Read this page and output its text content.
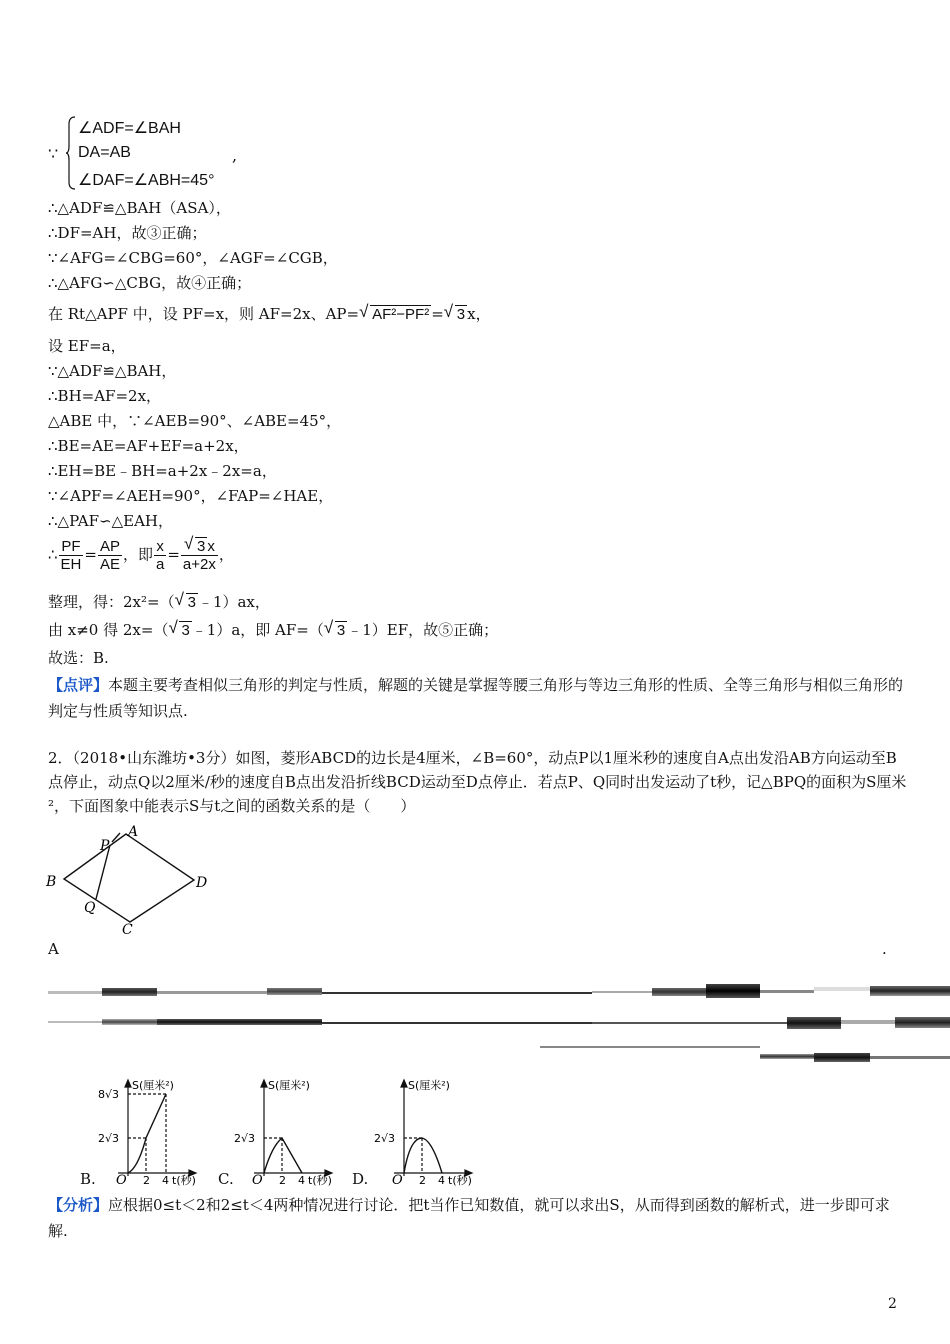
∵
∠ADF=∠BAH
DA=AB
∠DAF=∠ABH=45°
,
∴△ADF≌△BAH（ASA），
∴DF=AH，故③正确；
∵∠AFG=∠CBG=60°，∠AGF=∠CGB，
∴△AFG∽△CBG，故④正确；
在 Rt△APF 中，设 PF=x，则 AF=2x、AP= √ AF²−PF² = √ 3 x，
设 EF=a，
∵△ADF≌△BAH，
∴BH=AF=2x，
△ABE 中，∵∠AEB=90°、∠ABE=45°，
∴BE=AE=AF+EF=a+2x，
∴EH=BE﹣BH=a+2x﹣2x=a，
∵∠APF=∠AEH=90°，∠FAP=∠HAE，
∴△PAF∽△EAH，
∴ $\frac{PF}{EH} = \frac{AP}{AE}$ ，即 $\frac{x}{a}$ = √ $\frac{3 x}{a+2x}$ ，
整理，得：2x²=（ √ 3 ﹣1）ax，
由 x≠0 得 2x=（ √ 3 ﹣1）a，即 AF=（ √ 3 ﹣1）EF，故⑤正确；
故选：B.
【点评】本题主要考查相似三角形的判定与性质，解题的关键是掌握等腰三角形与等边三角形的性质、全等三角形与相似三角形的判定与性质等知识点.
2．（2018•山东潍坊•3分）如图，菱形ABCD的边长是4厘米，∠B=60°，动点P以1厘米秒的速度自A点出发沿AB方向运动至B点停止，动点Q以2厘米/秒的速度自B点出发沿折线BCD运动至D点停止．若点P、Q同时出发运动了t秒，记△BPQ的面积为S厘米²，下面图象中能表示S与t之间的函数关系的是（　　）
A
B
C
D
P
Q
A	.
S(厘米²)
8√3
2√3
2 4
O	t(秒)
B.
S(厘米²)
2√3
2 4
O	t(秒)
C.
S(厘米²)
2√3
2 4
O	t(秒)
D.
【分析】应根据0≤t＜2和2≤t＜4两种情况进行讨论．把t当作已知数值，就可以求出S，从而得到函数的解析式，进一步即可求解.
2
